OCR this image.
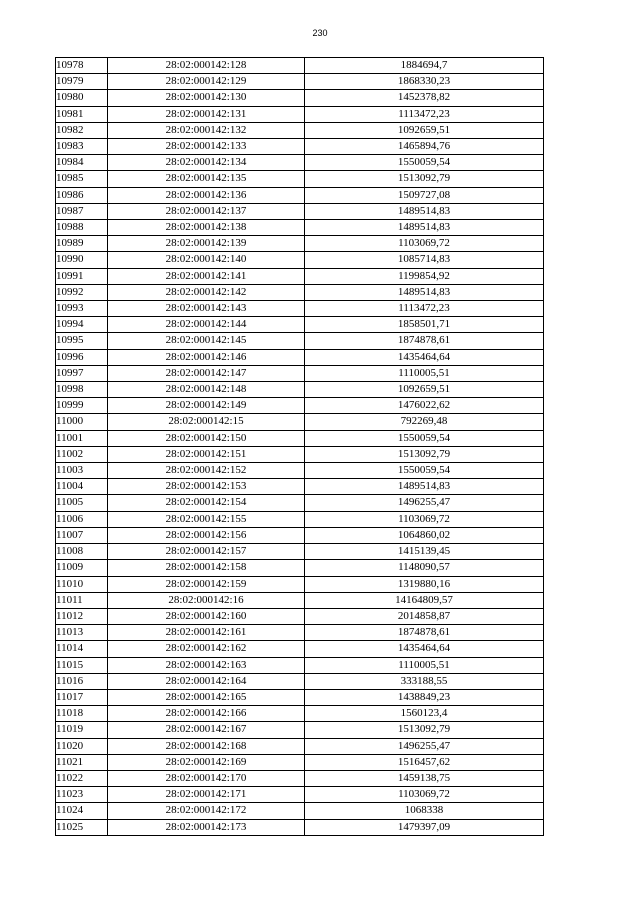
230
10978	28:02:000142:128	1884694,7
10979	28:02:000142:129	1868330,23
10980	28:02:000142:130	1452378,82
10981	28:02:000142:131	1113472,23
10982	28:02:000142:132	1092659,51
10983	28:02:000142:133	1465894,76
10984	28:02:000142:134	1550059,54
10985	28:02:000142:135	1513092,79
10986	28:02:000142:136	1509727,08
10987	28:02:000142:137	1489514,83
10988	28:02:000142:138	1489514,83
10989	28:02:000142:139	1103069,72
10990	28:02:000142:140	1085714,83
10991	28:02:000142:141	1199854,92
10992	28:02:000142:142	1489514,83
10993	28:02:000142:143	1113472,23
10994	28:02:000142:144	1858501,71
10995	28:02:000142:145	1874878,61
10996	28:02:000142:146	1435464,64
10997	28:02:000142:147	1110005,51
10998	28:02:000142:148	1092659,51
10999	28:02:000142:149	1476022,62
11000	28:02:000142:15	792269,48
11001	28:02:000142:150	1550059,54
11002	28:02:000142:151	1513092,79
11003	28:02:000142:152	1550059,54
11004	28:02:000142:153	1489514,83
11005	28:02:000142:154	1496255,47
11006	28:02:000142:155	1103069,72
11007	28:02:000142:156	1064860,02
11008	28:02:000142:157	1415139,45
11009	28:02:000142:158	1148090,57
11010	28:02:000142:159	1319880,16
11011	28:02:000142:16	14164809,57
11012	28:02:000142:160	2014858,87
11013	28:02:000142:161	1874878,61
11014	28:02:000142:162	1435464,64
11015	28:02:000142:163	1110005,51
11016	28:02:000142:164	333188,55
11017	28:02:000142:165	1438849,23
11018	28:02:000142:166	1560123,4
11019	28:02:000142:167	1513092,79
11020	28:02:000142:168	1496255,47
11021	28:02:000142:169	1516457,62
11022	28:02:000142:170	1459138,75
11023	28:02:000142:171	1103069,72
11024	28:02:000142:172	1068338
11025	28:02:000142:173	1479397,09
